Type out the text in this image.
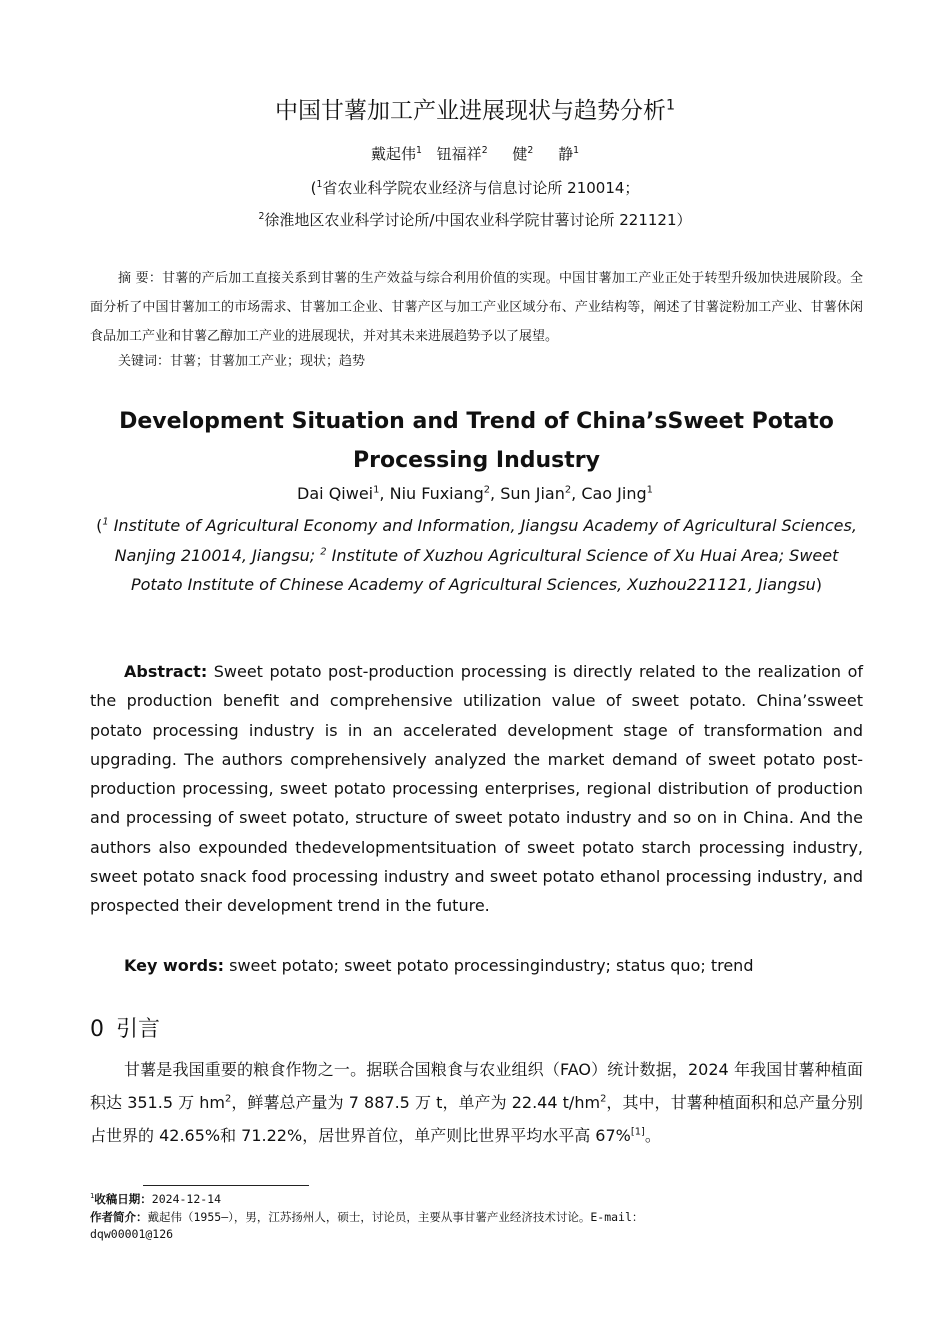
中国甘薯加工产业进展现状与趋势分析$^1$
戴起伟$^1$ 钮福祥$^2$ 健$^2$ 静$^1$
($^1$省农业科学院农业经济与信息讨论所 210014；
$^2$徐淮地区农业科学讨论所/中国农业科学院甘薯讨论所 221121）
摘 要：甘薯的产后加工直接关系到甘薯的生产效益与综合利用价值的实现。中国甘薯加工产业正处于转型升级加快进展阶段。全面分析了中国甘薯加工的市场需求、甘薯加工企业、甘薯产区与加工产业区域分布、产业结构等，阐述了甘薯淀粉加工产业、甘薯休闲食品加工产业和甘薯乙醇加工产业的进展现状，并对其未来进展趋势予以了展望。
关键词：甘薯；甘薯加工产业；现状；趋势
Development Situation and Trend of China’sSweet Potato
Processing Industry
Dai Qiwei$^1$, Niu Fuxiang$^2$, Sun Jian$^2$, Cao Jing$^1$
($^1$ Institute of Agricultural Economy and Information, Jiangsu Academy of Agricultural Sciences, Nanjing 210014, Jiangsu; $^2$ Institute of Xuzhou Agricultural Science of Xu Huai Area; Sweet Potato Institute of Chinese Academy of Agricultural Sciences, Xuzhou221121, Jiangsu)
Abstract: Sweet potato post-production processing is directly related to the realization of the production benefit and comprehensive utilization value of sweet potato. China’ssweet potato processing industry is in an accelerated development stage of transformation and upgrading. The authors comprehensively analyzed the market demand of sweet potato post-production processing, sweet potato processing enterprises, regional distribution of production and processing of sweet potato, structure of sweet potato industry and so on in China. And the authors also expounded thedevelopmentsituation of sweet potato starch processing industry, sweet potato snack food processing industry and sweet potato ethanol processing industry, and prospected their development trend in the future.
Key words: sweet potato; sweet potato processingindustry; status quo; trend
0 引言
甘薯是我国重要的粮食作物之一。据联合国粮食与农业组织（FAO）统计数据，2024 年我国甘薯种植面积达 351.5 万 $hm^2$，鲜薯总产量为 7 887.5 万 t，单产为 22.44 $t/hm^2$，其中，甘薯种植面积和总产量分别占世界的 42.65%和 71.22%，居世界首位，单产则比世界平均水平高 67%[1]。
$^1$收稿日期：2024-12-14
作者简介：戴起伟（1955—），男，江苏扬州人，硕士，讨论员，主要从事甘薯产业经济技术讨论。E-mail：
dqw00001@126
